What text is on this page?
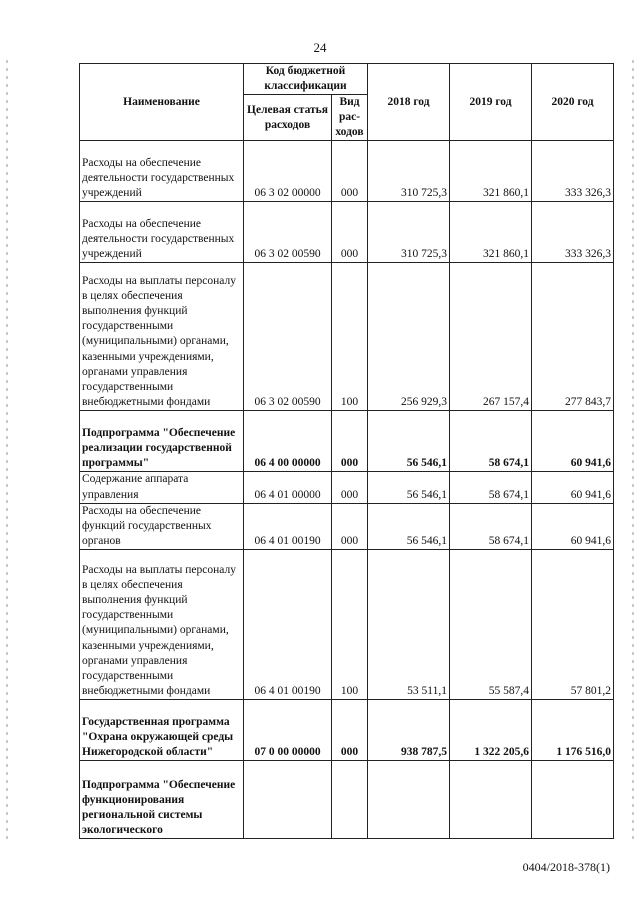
24
Наименование	Код бюджетной классификации		2018 год	2019 год	2020 год
	Целевая статья расходов	Вид рас- ходов			
Расходы на обеспечение деятельности государственных учреждений	06 3 02 00000	000	310 725,3	321 860,1	333 326,3
Расходы на обеспечение деятельности государственных учреждений	06 3 02 00590	000	310 725,3	321 860,1	333 326,3
Расходы на выплаты персоналу в целях обеспечения выполнения функций государственными (муниципальными) органами, казенными учреждениями, органами управления государственными внебюджетными фондами	06 3 02 00590	100	256 929,3	267 157,4	277 843,7
Подпрограмма "Обеспечение реализации государственной программы"	06 4 00 00000	000	56 546,1	58 674,1	60 941,6
Содержание аппарата управления	06 4 01 00000	000	56 546,1	58 674,1	60 941,6
Расходы на обеспечение функций государственных органов	06 4 01 00190	000	56 546,1	58 674,1	60 941,6
Расходы на выплаты персоналу в целях обеспечения выполнения функций государственными (муниципальными) органами, казенными учреждениями, органами управления государственными внебюджетными фондами	06 4 01 00190	100	53 511,1	55 587,4	57 801,2
Государственная программа "Охрана окружающей среды Нижегородской области"	07 0 00 00000	000	938 787,5	1 322 205,6	1 176 516,0
Подпрограмма "Обеспечение функционирования региональной системы экологического					
0404/2018-378(1)
